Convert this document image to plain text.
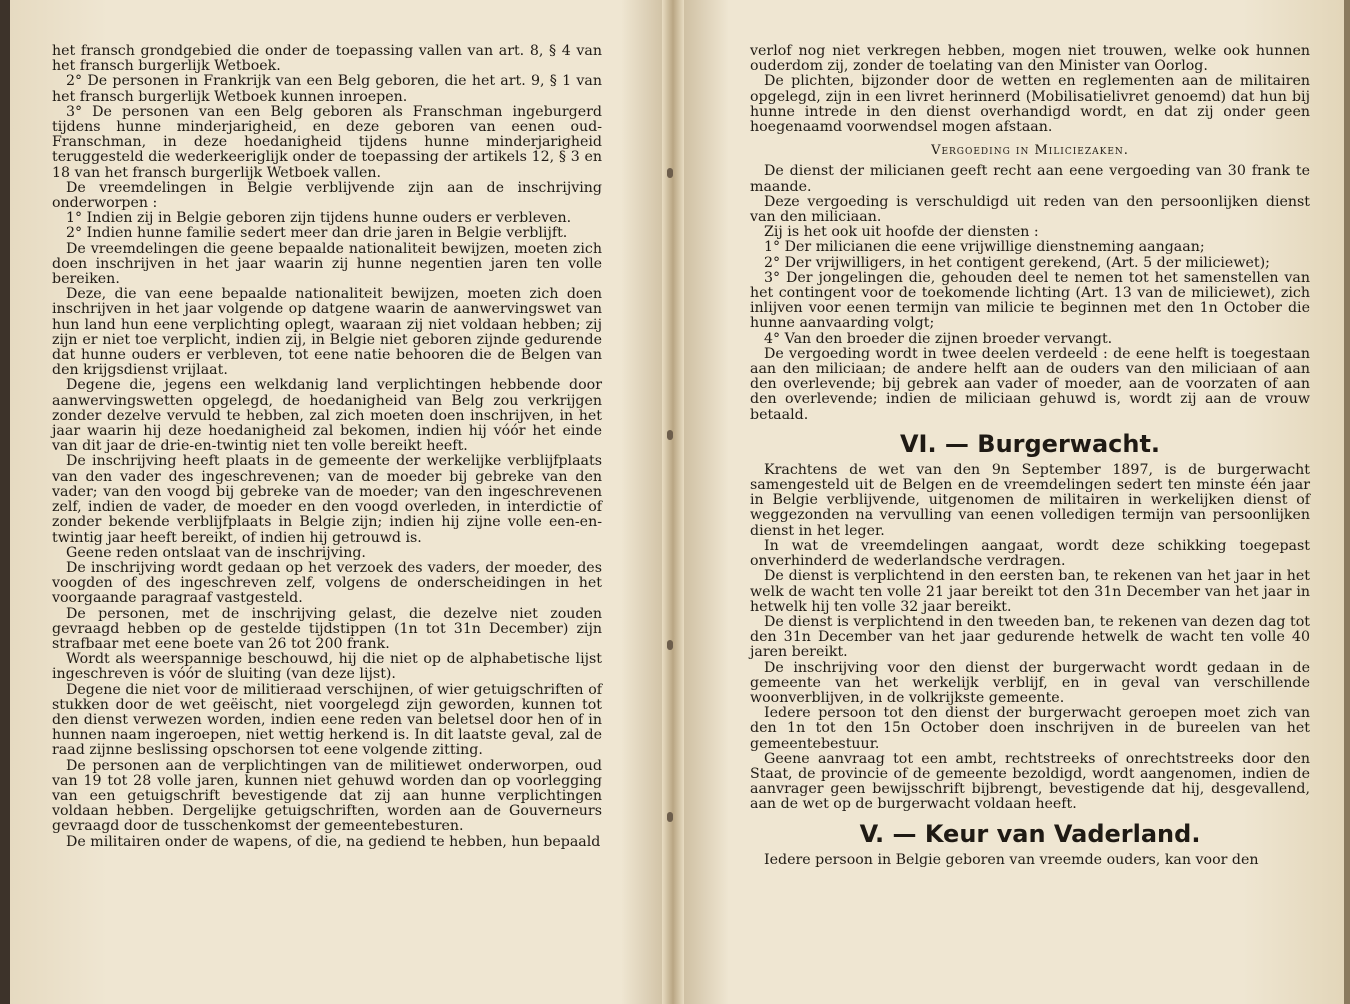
het fransch grondgebied die onder de toepassing vallen van art. 8, § 4 van het fransch burgerlijk Wetboek.

2° De personen in Frankrijk van een Belg geboren, die het art. 9, § 1 van het fransch burgerlijk Wetboek kunnen inroepen.

3° De personen van een Belg geboren als Franschman ingeburgerd tijdens hunne minderjarigheid, en deze geboren van eenen oud-Franschman, in deze hoedanigheid tijdens hunne minderjarigheid teruggesteld die wederkeeriglijk onder de toepassing der artikels 12, § 3 en 18 van het fransch burgerlijk Wetboek vallen.

De vreemdelingen in Belgie verblijvende zijn aan de inschrijving onderworpen :

1° Indien zij in Belgie geboren zijn tijdens hunne ouders er verbleven.

2° Indien hunne familie sedert meer dan drie jaren in Belgie verblijft.

De vreemdelingen die geene bepaalde nationaliteit bewijzen, moeten zich doen inschrijven in het jaar waarin zij hunne negentien jaren ten volle bereiken.

Deze, die van eene bepaalde nationaliteit bewijzen, moeten zich doen inschrijven in het jaar volgende op datgene waarin de aanwervingswet van hun land hun eene verplichting oplegt, waaraan zij niet voldaan hebben; zij zijn er niet toe verplicht, indien zij, in Belgie niet geboren zijnde gedurende dat hunne ouders er verbleven, tot eene natie behooren die de Belgen van den krijgsdienst vrijlaat.

Degene die, jegens een welkdanig land verplichtingen hebbende door aanwervingswetten opgelegd, de hoedanigheid van Belg zou verkrijgen zonder dezelve vervuld te hebben, zal zich moeten doen inschrijven, in het jaar waarin hij deze hoedanigheid zal bekomen, indien hij vóór het einde van dit jaar de drie-en-twintig niet ten volle bereikt heeft.

De inschrijving heeft plaats in de gemeente der werkelijke verblijfplaats van den vader des ingeschrevenen; van de moeder bij gebreke van den vader; van den voogd bij gebreke van de moeder; van den ingeschrevenen zelf, indien de vader, de moeder en den voogd overleden, in interdictie of zonder bekende verblijfplaats in Belgie zijn; indien hij zijne volle een-en-twintig jaar heeft bereikt, of indien hij getrouwd is.

Geene reden ontslaat van de inschrijving.

De inschrijving wordt gedaan op het verzoek des vaders, der moeder, des voogden of des ingeschreven zelf, volgens de onderscheidingen in het voorgaande paragraaf vastgesteld.

De personen, met de inschrijving gelast, die dezelve niet zouden gevraagd hebben op de gestelde tijdstippen (1n tot 31n December) zijn strafbaar met eene boete van 26 tot 200 frank.

Wordt als weerspannige beschouwd, hij die niet op de alphabetische lijst ingeschreven is vóór de sluiting (van deze lijst).

Degene die niet voor de militieraad verschijnen, of wier getuigschriften of stukken door de wet geëischt, niet voorgelegd zijn geworden, kunnen tot den dienst verwezen worden, indien eene reden van beletsel door hen of in hunnen naam ingeroepen, niet wettig herkend is. In dit laatste geval, zal de raad zijnne beslissing opschorsen tot eene volgende zitting.

De personen aan de verplichtingen van de militiewet onderworpen, oud van 19 tot 28 volle jaren, kunnen niet gehuwd worden dan op voorlegging van een getuigschrift bevestigende dat zij aan hunne verplichtingen voldaan hebben. Dergelijke getuigschriften, worden aan de Gouverneurs gevraagd door de tusschenkomst der gemeentebesturen.

De militairen onder de wapens, of die, na gediend te hebben, hun bepaald

verlof nog niet verkregen hebben, mogen niet trouwen, welke ook hunnen ouderdom zij, zonder de toelating van den Minister van Oorlog.

De plichten, bijzonder door de wetten en reglementen aan de militairen opgelegd, zijn in een livret herinnerd (Mobilisatielivret genoemd) dat hun bij hunne intrede in den dienst overhandigd wordt, en dat zij onder geen hoegenaamd voorwendsel mogen afstaan.

Vergoeding in Miliciezaken.

De dienst der milicianen geeft recht aan eene vergoeding van 30 frank te maande.

Deze vergoeding is verschuldigd uit reden van den persoonlijken dienst van den miliciaan.

Zij is het ook uit hoofde der diensten :

1° Der milicianen die eene vrijwillige dienstneming aangaan;

2° Der vrijwilligers, in het contigent gerekend, (Art. 5 der miliciewet);

3° Der jongelingen die, gehouden deel te nemen tot het samenstellen van het contingent voor de toekomende lichting (Art. 13 van de miliciewet), zich inlijven voor eenen termijn van milicie te beginnen met den 1n October die hunne aanvaarding volgt;

4° Van den broeder die zijnen broeder vervangt.

De vergoeding wordt in twee deelen verdeeld : de eene helft is toegestaan aan den miliciaan; de andere helft aan de ouders van den miliciaan of aan den overlevende; bij gebrek aan vader of moeder, aan de voorzaten of aan den overlevende; indien de miliciaan gehuwd is, wordt zij aan de vrouw betaald.

VI. — Burgerwacht.

Krachtens de wet van den 9n September 1897, is de burgerwacht samengesteld uit de Belgen en de vreemdelingen sedert ten minste één jaar in Belgie verblijvende, uitgenomen de militairen in werkelijken dienst of weggezonden na vervulling van eenen volledigen termijn van persoonlijken dienst in het leger.

In wat de vreemdelingen aangaat, wordt deze schikking toegepast onverhinderd de wederlandsche verdragen.

De dienst is verplichtend in den eersten ban, te rekenen van het jaar in het welk de wacht ten volle 21 jaar bereikt tot den 31n December van het jaar in hetwelk hij ten volle 32 jaar bereikt.

De dienst is verplichtend in den tweeden ban, te rekenen van dezen dag tot den 31n December van het jaar gedurende hetwelk de wacht ten volle 40 jaren bereikt.

De inschrijving voor den dienst der burgerwacht wordt gedaan in de gemeente van het werkelijk verblijf, en in geval van verschillende woonverblijven, in de volkrijkste gemeente.

Iedere persoon tot den dienst der burgerwacht geroepen moet zich van den 1n tot den 15n October doen inschrijven in de bureelen van het gemeentebestuur.

Geene aanvraag tot een ambt, rechtstreeks of onrechtstreeks door den Staat, de provincie of de gemeente bezoldigd, wordt aangenomen, indien de aanvrager geen bewijsschrift bijbrengt, bevestigende dat hij, desgevallend, aan de wet op de burgerwacht voldaan heeft.

V. — Keur van Vaderland.

Iedere persoon in Belgie geboren van vreemde ouders, kan voor den
